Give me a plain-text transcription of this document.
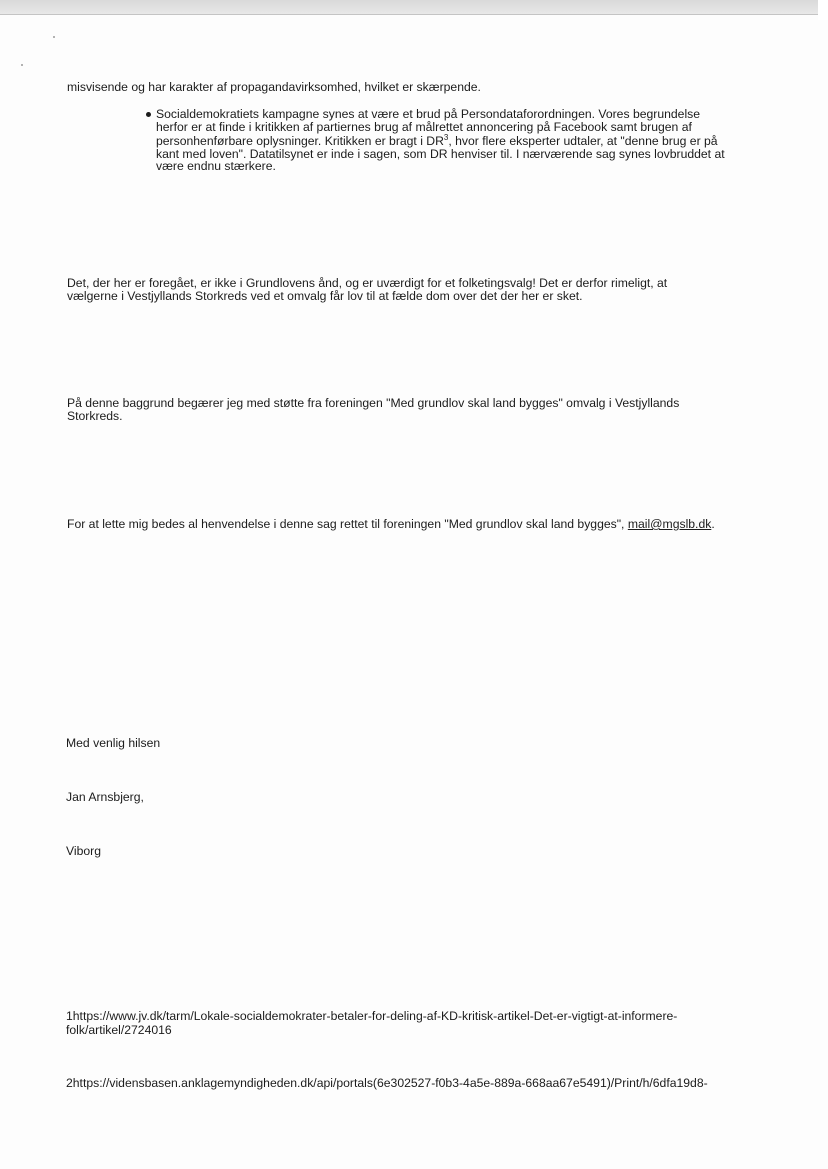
misvisende og har karakter af propagandavirksomhed, hvilket er skærpende.
Socialdemokratiets kampagne synes at være et brud på Persondataforordningen. Vores begrundelse
herfor er at finde i kritikken af partiernes brug af målrettet annoncering på Facebook samt brugen af
personhenførbare oplysninger. Kritikken er bragt i $DR^3$, hvor flere eksperter udtaler, at "denne brug er på
kant med loven". Datatilsynet er inde i sagen, som DR henviser til. I nærværende sag synes lovbruddet at
være endnu stærkere.
Det, der her er foregået, er ikke i Grundlovens ånd, og er uværdigt for et folketingsvalg! Det er derfor rimeligt, at
vælgerne i Vestjyllands Storkreds ved et omvalg får lov til at fælde dom over det der her er sket.
På denne baggrund begærer jeg med støtte fra foreningen "Med grundlov skal land bygges" omvalg i Vestjyllands
Storkreds.
For at lette mig bedes al henvendelse i denne sag rettet til foreningen "Med grundlov skal land bygges", mail@mgslb.dk.
Med venlig hilsen
Jan Arnsbjerg,
Viborg
1https://www.jv.dk/tarm/Lokale-socialdemokrater-betaler-for-deling-af-KD-kritisk-artikel-Det-er-vigtigt-at-informere-
folk/artikel/2724016
2https://vidensbasen.anklagemyndigheden.dk/api/portals(6e302527-f0b3-4a5e-889a-668aa67e5491)/Print/h/6dfa19d8-
